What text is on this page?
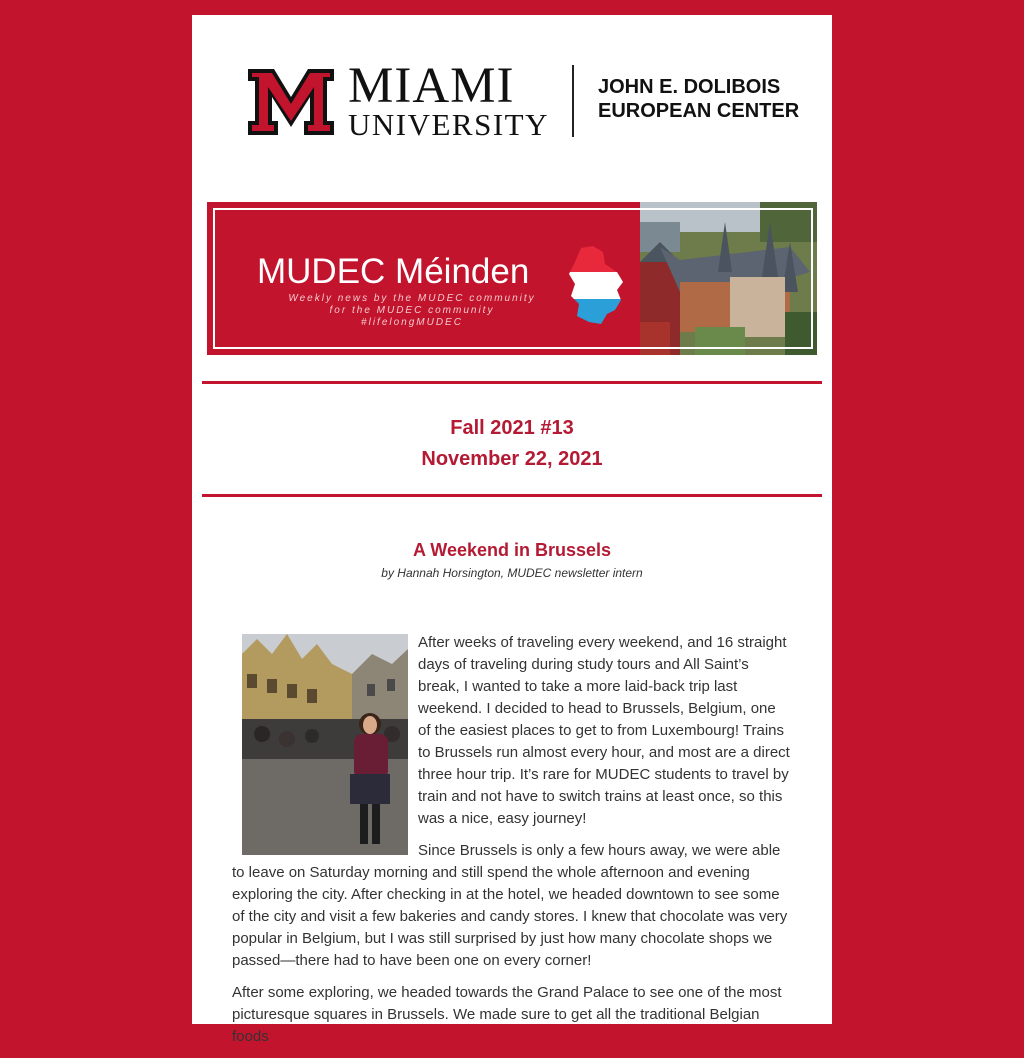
MIAMI
UNIVERSITY
JOHN E. DOLIBOIS
EUROPEAN CENTER
MUDEC Méinden
Weekly news by the MUDEC community
for the MUDEC community
#lifelongMUDEC
Fall 2021 #13
November 22, 2021
A Weekend in Brussels
by Hannah Horsington, MUDEC newsletter intern

After weeks of traveling every weekend, and 16 straight days of traveling during study tours and All Saint’s break, I wanted to take a more laid-back trip last weekend. I decided to head to Brussels, Belgium, one of the easiest places to get to from Luxembourg! Trains to Brussels run almost every hour, and most are a direct three hour trip. It’s rare for MUDEC students to travel by train and not have to switch trains at least once, so this was a nice, easy journey!

Since Brussels is only a few hours away, we were able to leave on Saturday morning and still spend the whole afternoon and evening exploring the city. After checking in at the hotel, we headed downtown to see some of the city and visit a few bakeries and candy stores. I knew that chocolate was very popular in Belgium, but I was still surprised by just how many chocolate shops we passed—there had to have been one on every corner!

After some exploring, we headed towards the Grand Palace to see one of the most picturesque squares in Brussels. We made sure to get all the traditional Belgian foods
